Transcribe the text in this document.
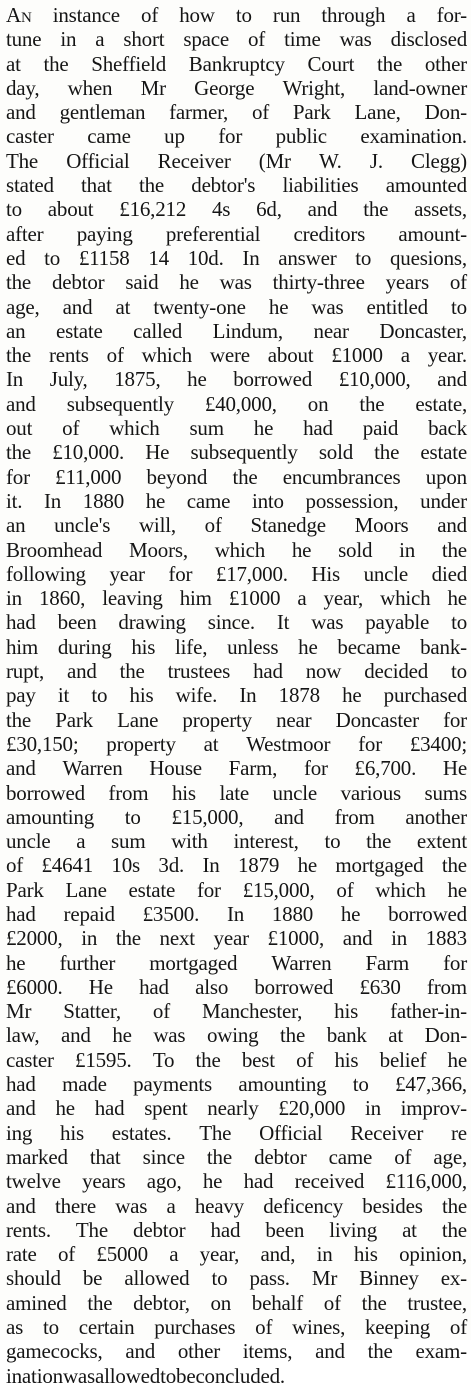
An instance of how to run through a for-
tune in a short space of time was disclosed
at the Sheffield Bankruptcy Court the other
day, when Mr George Wright, land-owner
and gentleman farmer, of Park Lane, Don-
caster came up for public examination.
The Official Receiver (Mr W. J. Clegg)
stated that the debtor's liabilities amounted
to about £16,212 4s 6d, and the assets,
after paying preferential creditors amount-
ed to £1158 14 10d. In answer to quesions,
the debtor said he was thirty-three years of
age, and at twenty-one he was entitled to
an estate called Lindum, near Doncaster,
the rents of which were about £1000 a year.
In July, 1875, he borrowed £10,000, and
and subsequently £40,000, on the estate,
out of which sum he had paid back
the £10,000. He subsequently sold the estate
for £11,000 beyond the encumbrances upon
it. In 1880 he came into possession, under
an uncle's will, of Stanedge Moors and
Broomhead Moors, which he sold in the
following year for £17,000. His uncle died
in 1860, leaving him £1000 a year, which he
had been drawing since. It was payable to
him during his life, unless he became bank-
rupt, and the trustees had now decided to
pay it to his wife. In 1878 he purchased
the Park Lane property near Doncaster for
£30,150; property at Westmoor for £3400;
and Warren House Farm, for £6,700. He
borrowed from his late uncle various sums
amounting to £15,000, and from another
uncle a sum with interest, to the extent
of £4641 10s 3d. In 1879 he mortgaged the
Park Lane estate for £15,000, of which he
had repaid £3500. In 1880 he borrowed
£2000, in the next year £1000, and in 1883
he further mortgaged Warren Farm for
£6000. He had also borrowed £630 from
Mr Statter, of Manchester, his father-in-
law, and he was owing the bank at Don-
caster £1595. To the best of his belief he
had made payments amounting to £47,366,
and he had spent nearly £20,000 in improv-
ing his estates. The Official Receiver re
marked that since the debtor came of age,
twelve years ago, he had received £116,000,
and there was a heavy deficency besides the
rents. The debtor had been living at the
rate of £5000 a year, and, in his opinion,
should be allowed to pass. Mr Binney ex-
amined the debtor, on behalf of the trustee,
as to certain purchases of wines, keeping of
gamecocks, and other items, and the exam-
ination was allowed to be concluded.
